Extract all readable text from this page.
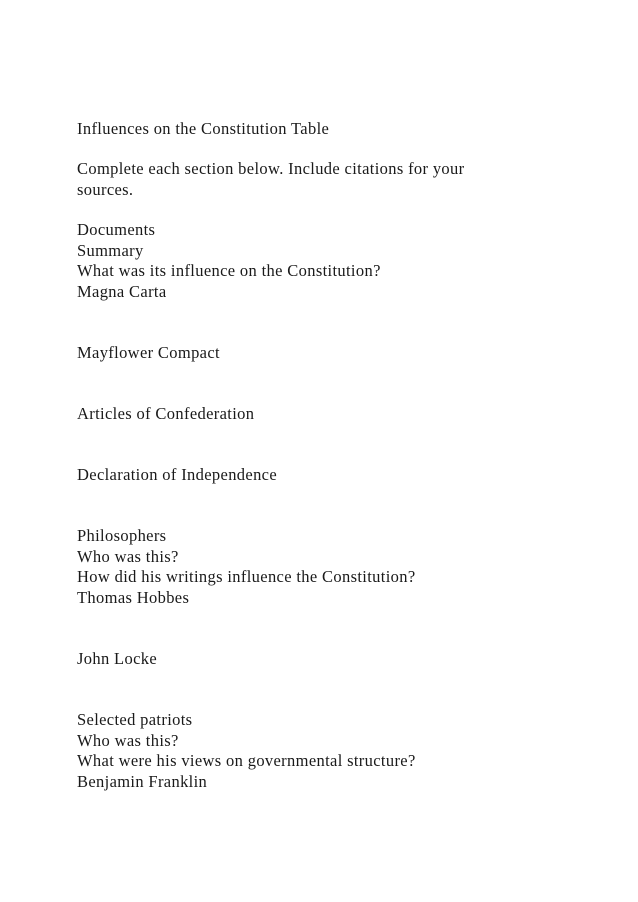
Influences on the Constitution Table
Complete each section below. Include citations for your
sources.
Documents
Summary
What was its influence on the Constitution?
Magna Carta
Mayflower Compact
Articles of Confederation
Declaration of Independence
Philosophers
Who was this?
How did his writings influence the Constitution?
Thomas Hobbes
John Locke
Selected patriots
Who was this?
What were his views on governmental structure?
Benjamin Franklin
